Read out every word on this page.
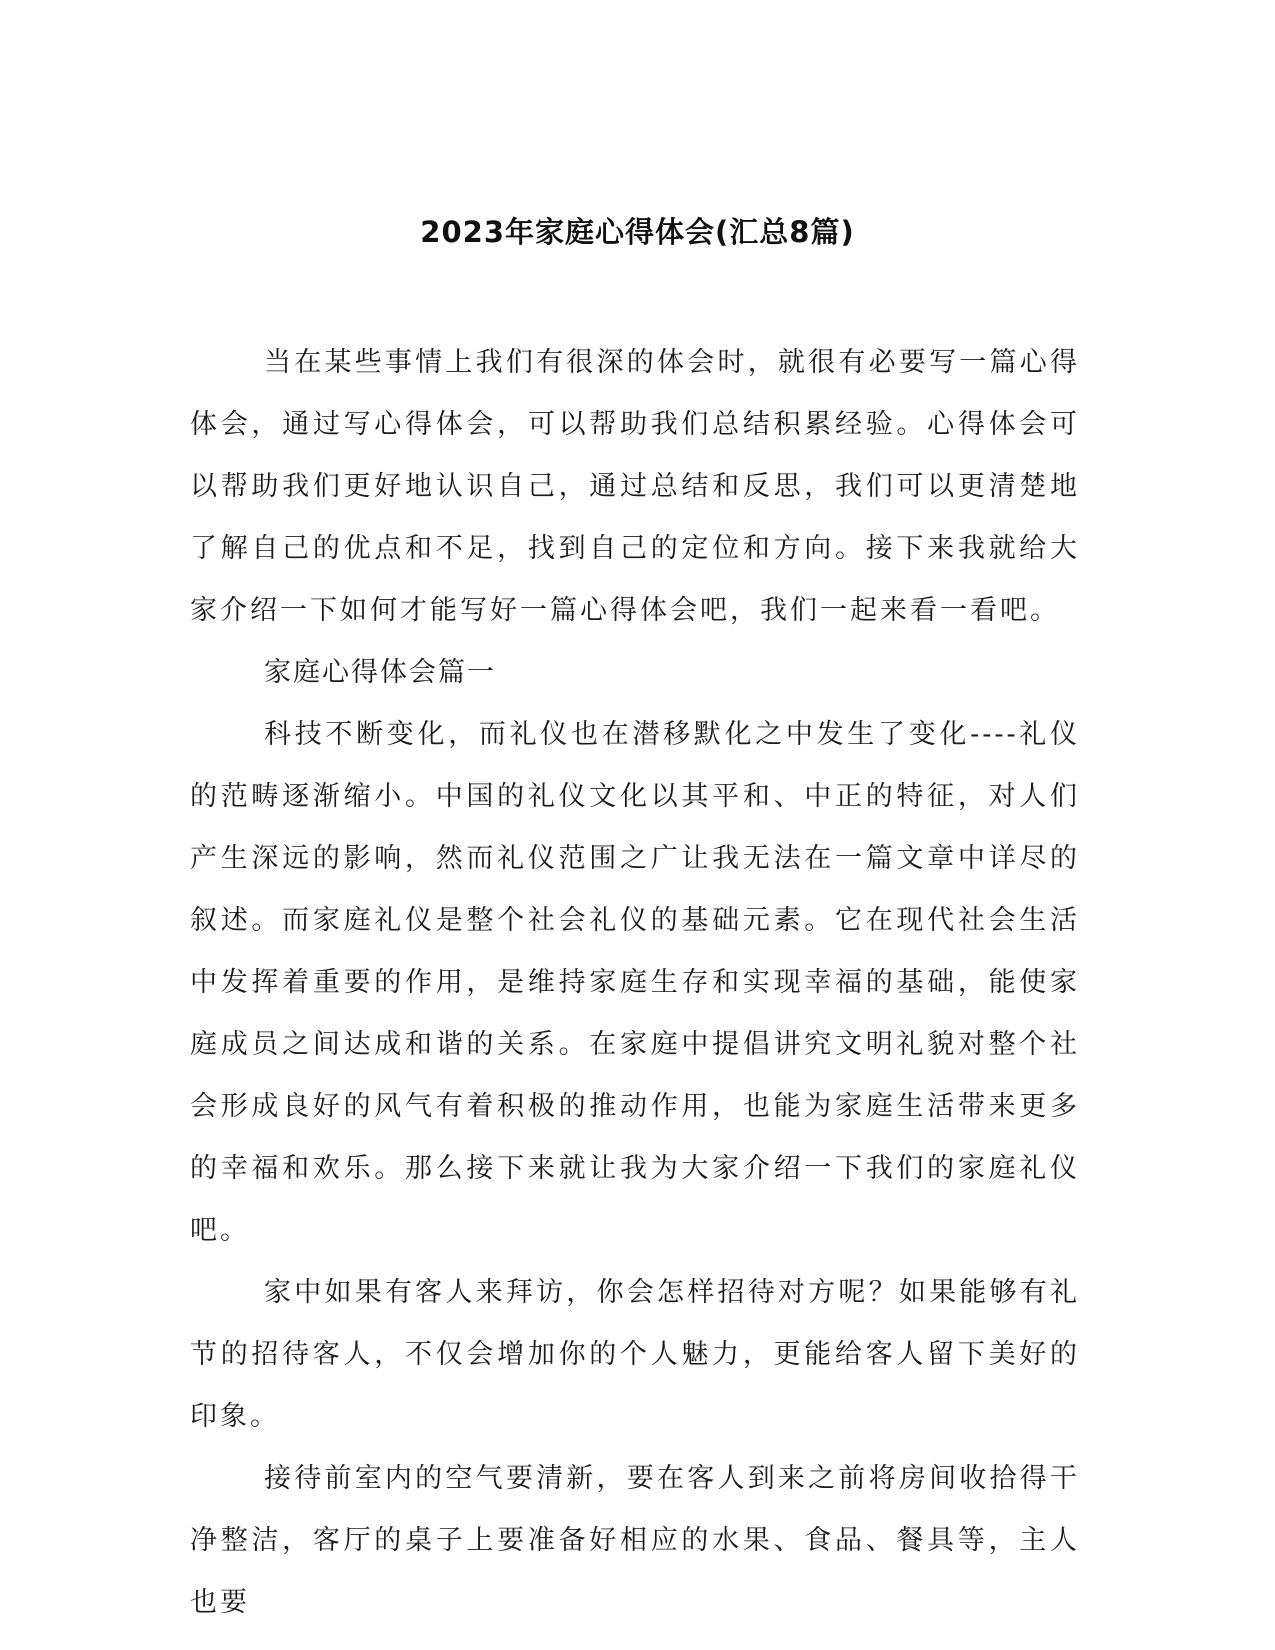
2023年家庭心得体会(汇总8篇)

当在某些事情上我们有很深的体会时，就很有必要写一篇心得体会，通过写心得体会，可以帮助我们总结积累经验。心得体会可以帮助我们更好地认识自己，通过总结和反思，我们可以更清楚地了解自己的优点和不足，找到自己的定位和方向。接下来我就给大家介绍一下如何才能写好一篇心得体会吧，我们一起来看一看吧。

家庭心得体会篇一

科技不断变化，而礼仪也在潜移默化之中发生了变化----礼仪的范畴逐渐缩小。中国的礼仪文化以其平和、中正的特征，对人们产生深远的影响，然而礼仪范围之广让我无法在一篇文章中详尽的叙述。而家庭礼仪是整个社会礼仪的基础元素。它在现代社会生活中发挥着重要的作用，是维持家庭生存和实现幸福的基础，能使家庭成员之间达成和谐的关系。在家庭中提倡讲究文明礼貌对整个社会形成良好的风气有着积极的推动作用，也能为家庭生活带来更多的幸福和欢乐。那么接下来就让我为大家介绍一下我们的家庭礼仪吧。

家中如果有客人来拜访，你会怎样招待对方呢？如果能够有礼节的招待客人，不仅会增加你的个人魅力，更能给客人留下美好的印象。

接待前室内的空气要清新，要在客人到来之前将房间收拾得干净整洁，客厅的桌子上要准备好相应的水果、食品、餐具等，主人也要
